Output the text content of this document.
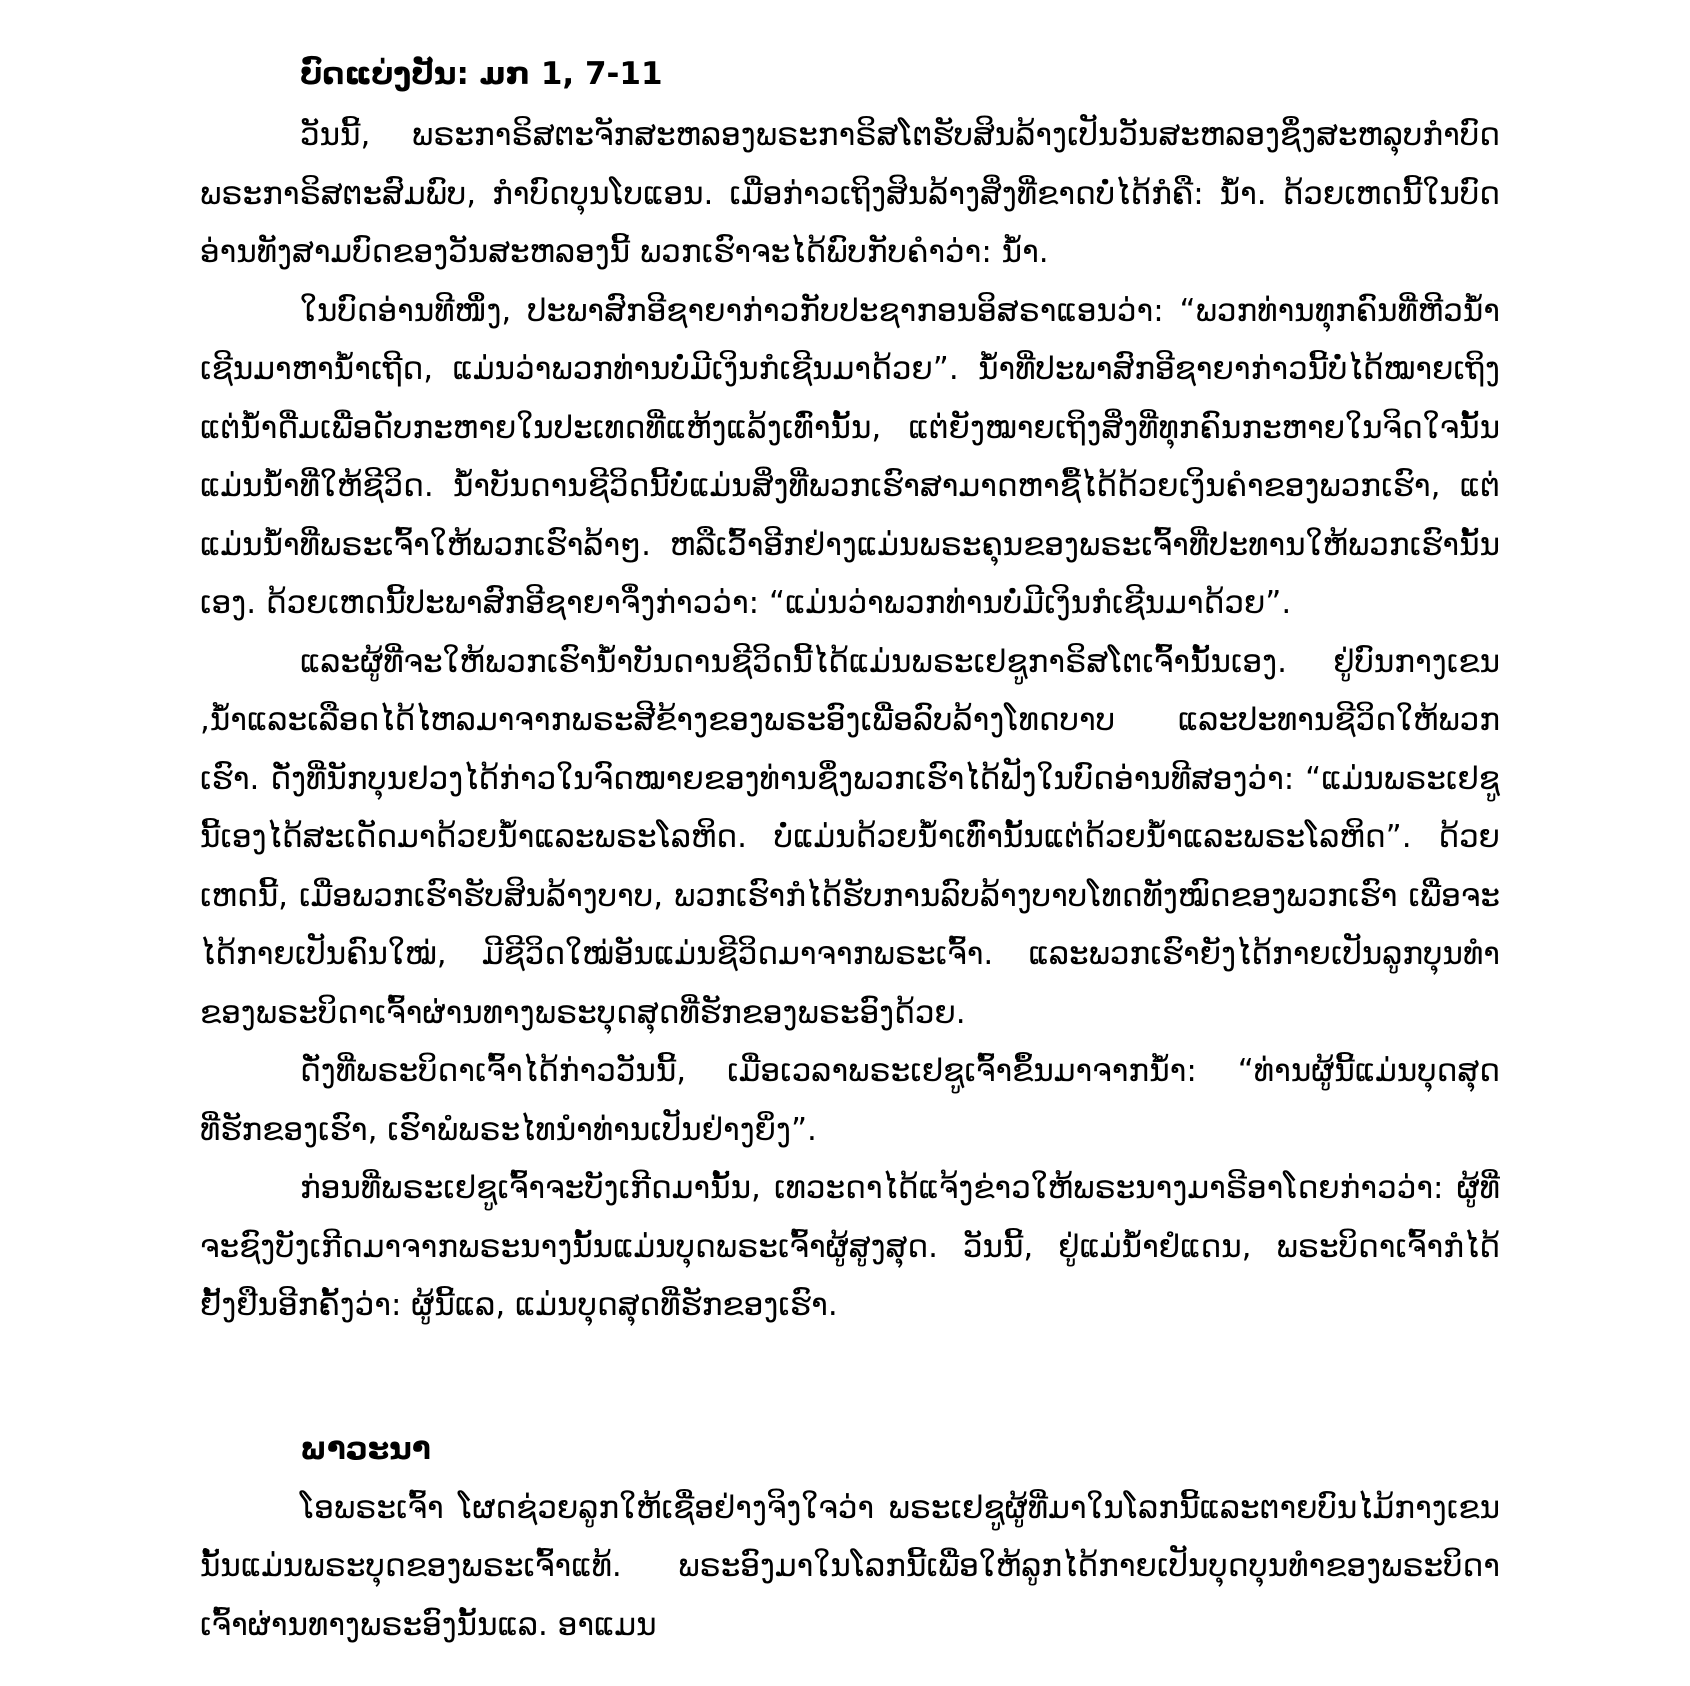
ບົດແບ່ງປັນ: ມກ 1, 7-11

ວັນນີ້, ພຣະກາຣິສຕະຈັກສະຫລອງພຣະກາຣິສໂຕຮັບສິນລ້າງເປັນວັນສະຫລອງຊຶ່ງສະຫລຸບກໍາບົດພຣະກາຣິສຕະສົມພົບ, ກໍາບົດບຸນໂບແອນ. ເມື່ອກ່າວເຖິງສິນລ້າງສິ່ງທີ່ຂາດບໍ່ໄດ້ກໍຄື: ນໍ້າ. ດ້ວຍເຫດນີ້ໃນບົດອ່ານທັງສາມບົດຂອງວັນສະຫລອງນີ້ ພວກເຮົາຈະໄດ້ພົບກັບຄໍາວ່າ: ນໍ້າ.

ໃນບົດອ່ານທີໜຶ່ງ, ປະພາສົກອີຊາຍາກ່າວກັບປະຊາກອນອິສຣາແອນວ່າ: “ພວກທ່ານທຸກຄົນທີ່ຫີວນໍ້າເຊີນມາຫານໍ້າເຖີດ, ແມ່ນວ່າພວກທ່ານບໍ່ມີເງິນກໍເຊີນມາດ້ວຍ”. ນໍ້າທີ່ປະພາສົກອີຊາຍາກ່າວນີ້ບໍ່ໄດ້ໝາຍເຖິງແຕ່ນໍ້າດື່ມເພື່ອດັບກະຫາຍໃນປະເທດທີ່ແຫ້ງແລ້ງເທົ່ານັ້ນ, ແຕ່ຍັງໝາຍເຖິງສິ່ງທີ່ທຸກຄົນກະຫາຍໃນຈິດໃຈນັ້ນແມ່ນນໍ້າທີ່ໃຫ້ຊີວິດ. ນໍ້າບັນດານຊີວິດນີ້ບໍ່ແມ່ນສິ່ງທີ່ພວກເຮົາສາມາດຫາຊື້ໄດ້ດ້ວຍເງິນຄໍາຂອງພວກເຮົາ, ແຕ່ແມ່ນນໍ້າທີ່ພຣະເຈົ້າໃຫ້ພວກເຮົາລ້າໆ. ຫລືເວົ້າອີກຢ່າງແມ່ນພຣະຄຸນຂອງພຣະເຈົ້າທີ່ປະທານໃຫ້ພວກເຮົານັ້ນເອງ. ດ້ວຍເຫດນີ້ປະພາສົກອີຊາຍາຈຶ່ງກ່າວວ່າ: “ແມ່ນວ່າພວກທ່ານບໍ່ມີເງິນກໍເຊີນມາດ້ວຍ”.

ແລະຜູ້ທີ່ຈະໃຫ້ພວກເຮົານໍ້າບັນດານຊີວິດນີ້ໄດ້ແມ່ນພຣະເຢຊູກາຣິສໂຕເຈົ້ານັ້ນເອງ. ຢູ່ບົນກາງເຂນ ,ນໍ້າແລະເລືອດໄດ້ໄຫລມາຈາກພຣະສີຂ້າງຂອງພຣະອົງເພື່ອລົບລ້າງໂທດບາບ ແລະປະທານຊີວິດໃຫ້ພວກເຮົາ. ດັ່ງທີ່ນັກບຸນຢວງໄດ້ກ່າວໃນຈົດໝາຍຂອງທ່ານຊຶ່ງພວກເຮົາໄດ້ຟັງໃນບົດອ່ານທີສອງວ່າ: “ແມ່ນພຣະເຢຊູນີ້ເອງໄດ້ສະເດັດມາດ້ວຍນໍ້າແລະພຣະໂລຫິດ. ບໍ່ແມ່ນດ້ວຍນໍ້າເທົ່ານັ້ນແຕ່ດ້ວຍນໍ້າແລະພຣະໂລຫິດ”. ດ້ວຍເຫດນີ້, ເມື່ອພວກເຮົາຮັບສິນລ້າງບາບ, ພວກເຮົາກໍໄດ້ຮັບການລົບລ້າງບາບໂທດທັງໝົດຂອງພວກເຮົາ ເພື່ອຈະໄດ້ກາຍເປັນຄົນໃໝ່, ມີຊີວິດໃໝ່ອັນແມ່ນຊີວິດມາຈາກພຣະເຈົ້າ. ແລະພວກເຮົາຍັງໄດ້ກາຍເປັນລູກບຸນທໍາຂອງພຣະບິດາເຈົ້າຜ່ານທາງພຣະບຸດສຸດທີ່ຮັກຂອງພຣະອົງດ້ວຍ.

ດັ່ງທີ່ພຣະບິດາເຈົ້າໄດ້ກ່າວວັນນີ້, ເມື່ອເວລາພຣະເຢຊູເຈົ້າຂຶ້ນມາຈາກນໍ້າ: “ທ່ານຜູ້ນີ້ແມ່ນບຸດສຸດທີ່ຮັກຂອງເຮົາ, ເຮົາພໍພຣະໄທນໍາທ່ານເປັນຢ່າງຍິ່ງ”.

ກ່ອນທີ່ພຣະເຢຊູເຈົ້າຈະບັງເກີດມານັ້ນ, ເທວະດາໄດ້ແຈ້ງຂ່າວໃຫ້ພຣະນາງມາຣີອາໂດຍກ່າວວ່າ: ຜູ້ທີ່ຈະຊົງບັງເກີດມາຈາກພຣະນາງນັ້ນແມ່ນບຸດພຣະເຈົ້າຜູ້ສູງສຸດ. ວັນນີ້, ຢູ່ແມ່ນໍ້າຢໍແດນ, ພຣະບິດາເຈົ້າກໍໄດ້ຢັ້ງຢືນອີກຄັ້ງວ່າ: ຜູ້ນີ້ແລ, ແມ່ນບຸດສຸດທີ່ຮັກຂອງເຮົາ.

ພາວະນາ

ໂອພຣະເຈົ້າ ໂຜດຊ່ວຍລູກໃຫ້ເຊື່ອຢ່າງຈິງໃຈວ່າ ພຣະເຢຊູຜູ້ທີ່ມາໃນໂລກນີ້ແລະຕາຍບົນໄມ້ກາງເຂນນັ້ນແມ່ນພຣະບຸດຂອງພຣະເຈົ້າແທ້. ພຣະອົງມາໃນໂລກນີ້ເພື່ອໃຫ້ລູກໄດ້ກາຍເປັນບຸດບຸນທໍາຂອງພຣະບິດາເຈົ້າຜ່ານທາງພຣະອົງນັ້ນແລ. ອາແມນ
